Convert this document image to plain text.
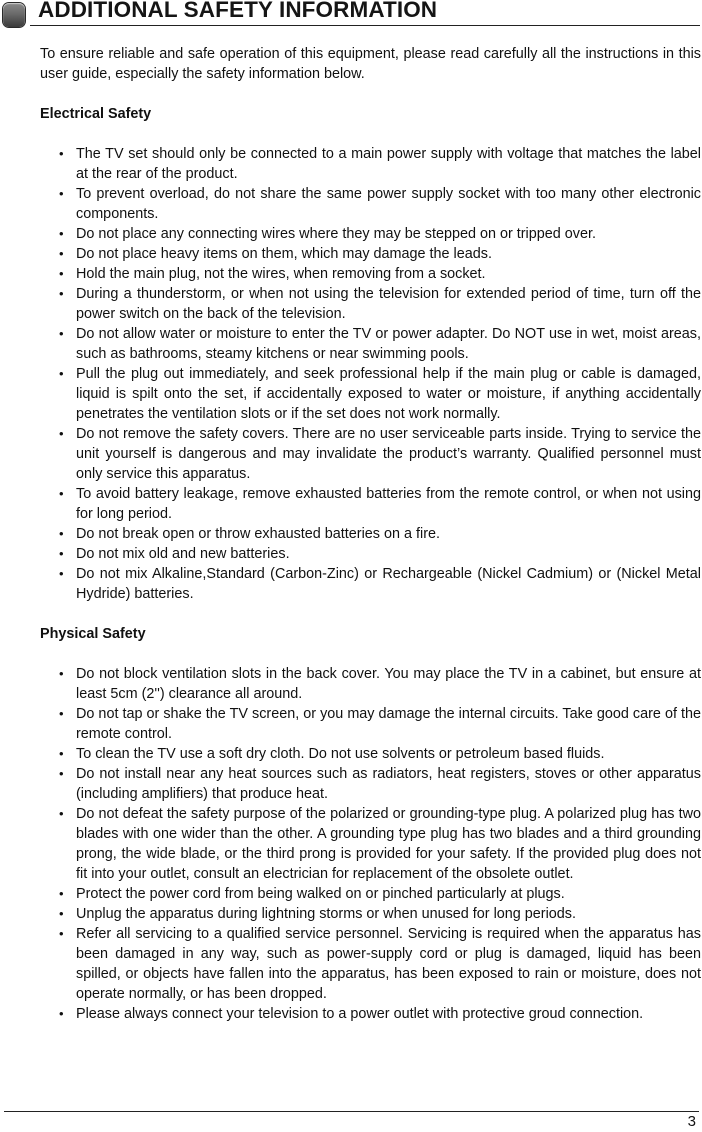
ADDITIONAL SAFETY INFORMATION

To ensure reliable and safe operation of this equipment, please read carefully all the instructions in this user guide, especially the safety information below.

Electrical Safety

• The TV set should only be connected to a main power supply with voltage that matches the label at the rear of the product.
• To prevent overload, do not share the same power supply socket with too many other electronic components.
• Do not place any connecting wires where they may be stepped on or tripped over.
• Do not place heavy items on them, which may damage the leads.
• Hold the main plug, not the wires, when removing from a socket.
• During a thunderstorm, or when not using the television for extended period of time, turn off the power switch on the back of the television.
• Do not allow water or moisture to enter the TV or power adapter. Do NOT use in wet, moist areas, such as bathrooms, steamy kitchens or near swimming pools.
• Pull the plug out immediately, and seek professional help if the main plug or cable is damaged, liquid is spilt onto the set, if accidentally exposed to water or moisture, if anything accidentally penetrates the ventilation slots or if the set does not work normally.
• Do not remove the safety covers. There are no user serviceable parts inside. Trying to service the unit yourself is dangerous and may invalidate the product’s warranty. Qualified personnel must only service this apparatus.
• To avoid battery leakage, remove exhausted batteries from the remote control, or when not using for long period.
• Do not break open or throw exhausted batteries on a fire.
• Do not mix old and new batteries.
• Do not mix Alkaline,Standard (Carbon-Zinc) or Rechargeable (Nickel Cadmium) or (Nickel Metal Hydride) batteries.

Physical Safety

• Do not block ventilation slots in the back cover. You may place the TV in a cabinet, but ensure at least 5cm (2'') clearance all around.
• Do not tap or shake the TV screen, or you may damage the internal circuits. Take good care of the remote control.
• To clean the TV use a soft dry cloth. Do not use solvents or petroleum based fluids.
• Do not install near any heat sources such as radiators, heat registers, stoves or other apparatus (including amplifiers) that produce heat.
• Do not defeat the safety purpose of the polarized or grounding-type plug. A polarized plug has two blades with one wider than the other. A grounding type plug has two blades and a third grounding prong, the wide blade, or the third prong is provided for your safety. If the provided plug does not fit into your outlet, consult an electrician for replacement of the obsolete outlet.
• Protect the power cord from being walked on or pinched particularly at plugs.
• Unplug the apparatus during lightning storms or when unused for long periods.
• Refer all servicing to a qualified service personnel. Servicing is required when the apparatus has been damaged in any way, such as power-supply cord or plug is damaged, liquid has been spilled, or objects have fallen into the apparatus, has been exposed to rain or moisture, does not operate normally, or has been dropped.
• Please always connect your television to a power outlet with protective groud connection.
3
